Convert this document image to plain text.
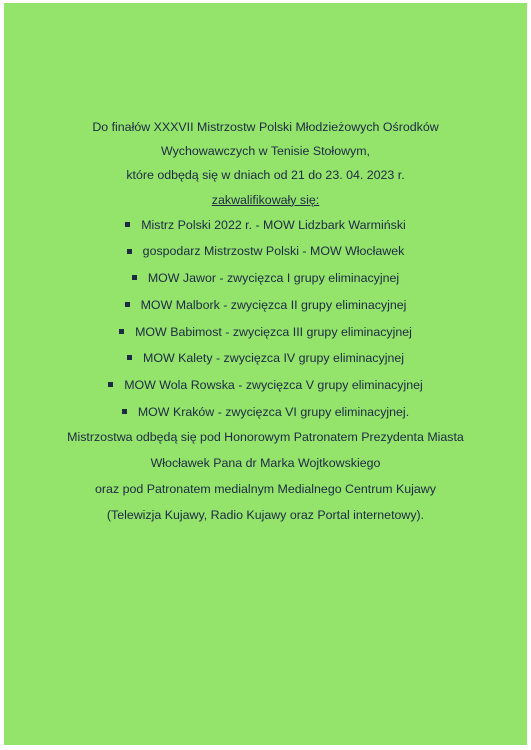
Do finałów XXXVII Mistrzostw Polski Młodzieżowych Ośrodków
Wychowawczych w Tenisie Stołowym,
które odbędą się w dniach od 21 do 23. 04. 2023 r.
zakwalifikowały się:
Mistrz Polski 2022 r. - MOW Lidzbark Warmiński
gospodarz Mistrzostw Polski - MOW Włocławek
MOW Jawor - zwycięzca I grupy eliminacyjnej
MOW Malbork - zwycięzca II grupy eliminacyjnej
MOW Babimost - zwycięzca III grupy eliminacyjnej
MOW Kalety - zwycięzca IV grupy eliminacyjnej
MOW Wola Rowska - zwycięzca V grupy eliminacyjnej
MOW Kraków - zwycięzca VI grupy eliminacyjnej.
Mistrzostwa odbędą się pod Honorowym Patronatem Prezydenta Miasta
Włocławek Pana dr Marka Wojtkowskiego
oraz pod Patronatem medialnym Medialnego Centrum Kujawy
(Telewizja Kujawy, Radio Kujawy oraz Portal internetowy).
